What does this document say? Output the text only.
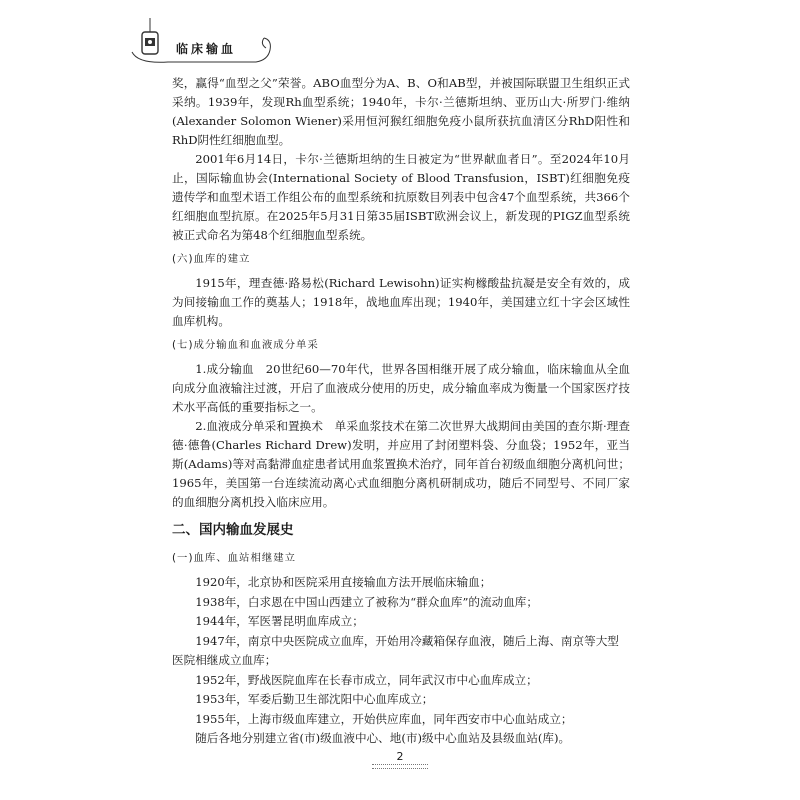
临床输血

奖，赢得“血型之父”荣誉。ABO血型分为A、B、O和AB型，并被国际联盟卫生组织正式采纳。1939年，发现Rh血型系统；1940年，卡尔·兰德斯坦纳、亚历山大·所罗门·维纳(Alexander Solomon Wiener)采用恒河猴红细胞免疫小鼠所获抗血清区分RhD阳性和RhD阴性红细胞血型。

2001年6月14日，卡尔·兰德斯坦纳的生日被定为“世界献血者日”。至2024年10月止，国际输血协会(International Society of Blood Transfusion，ISBT)红细胞免疫遗传学和血型术语工作组公布的血型系统和抗原数目列表中包含47个血型系统，共366个红细胞血型抗原。在2025年5月31日第35届ISBT欧洲会议上，新发现的PIGZ血型系统被正式命名为第48个红细胞血型系统。

(六)血库的建立

1915年，理查德·路易松(Richard Lewisohn)证实枸橼酸盐抗凝是安全有效的，成为间接输血工作的奠基人；1918年，战地血库出现；1940年，美国建立红十字会区域性血库机构。

(七)成分输血和血液成分单采

1.成分输血　20世纪60—70年代，世界各国相继开展了成分输血，临床输血从全血向成分血液输注过渡，开启了血液成分使用的历史，成分输血率成为衡量一个国家医疗技术水平高低的重要指标之一。

2.血液成分单采和置换术　单采血浆技术在第二次世界大战期间由美国的查尔斯·理查德·德鲁(Charles Richard Drew)发明，并应用了封闭塑料袋、分血袋；1952年，亚当斯(Adams)等对高黏滞血症患者试用血浆置换术治疗，同年首台初级血细胞分离机问世；1965年，美国第一台连续流动离心式血细胞分离机研制成功，随后不同型号、不同厂家的血细胞分离机投入临床应用。

二、国内输血发展史
(一)血库、血站相继建立

1920年，北京协和医院采用直接输血方法开展临床输血；

1938年，白求恩在中国山西建立了被称为“群众血库”的流动血库；

1944年，军医署昆明血库成立；

1947年，南京中央医院成立血库，开始用冷藏箱保存血液，随后上海、南京等大型医院相继成立血库；

1952年，野战医院血库在长春市成立，同年武汉市中心血库成立；

1953年，军委后勤卫生部沈阳中心血库成立；

1955年，上海市级血库建立，开始供应库血，同年西安市中心血站成立；

随后各地分别建立省(市)级血液中心、地(市)级中心血站及县级血站(库)。

2
